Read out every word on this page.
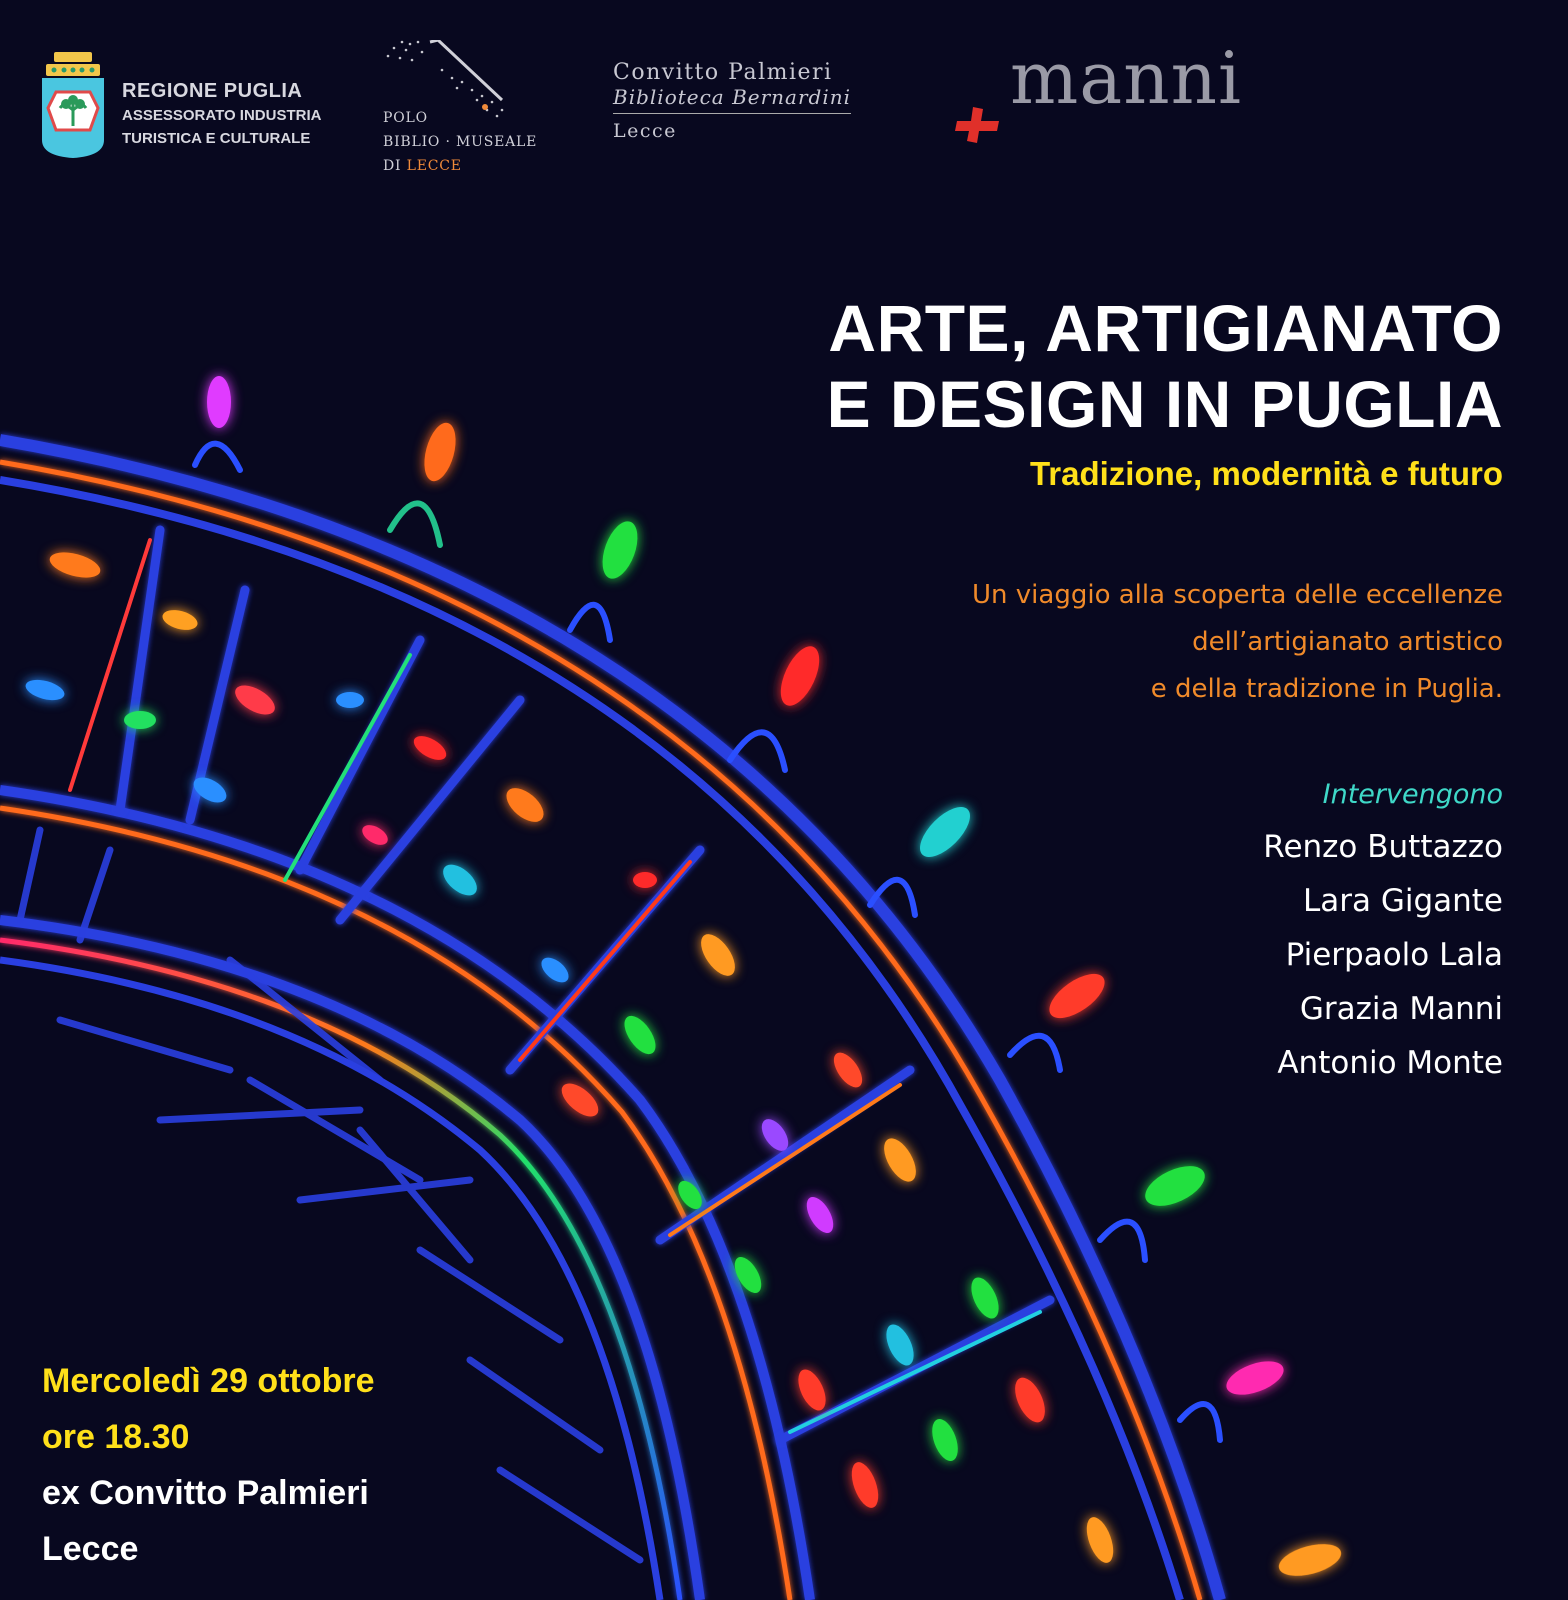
REGIONE PUGLIA
ASSESSORATO INDUSTRIA
TURISTICA E CULTURALE
POLO
BIBLIO · MUSEALE
DI LECCE
Convitto Palmieri
Biblioteca Bernardini
Lecce
manni
ARTE, ARTIGIANATO
E DESIGN IN PUGLIA
Tradizione, modernità e futuro
Un viaggio alla scoperta delle eccellenze
dell’artigianato artistico
e della tradizione in Puglia.
Intervengono
Renzo Buttazzo
Lara Gigante
Pierpaolo Lala
Grazia Manni
Antonio Monte
Mercoledì 29 ottobre
ore 18.30
ex Convitto Palmieri
Lecce
